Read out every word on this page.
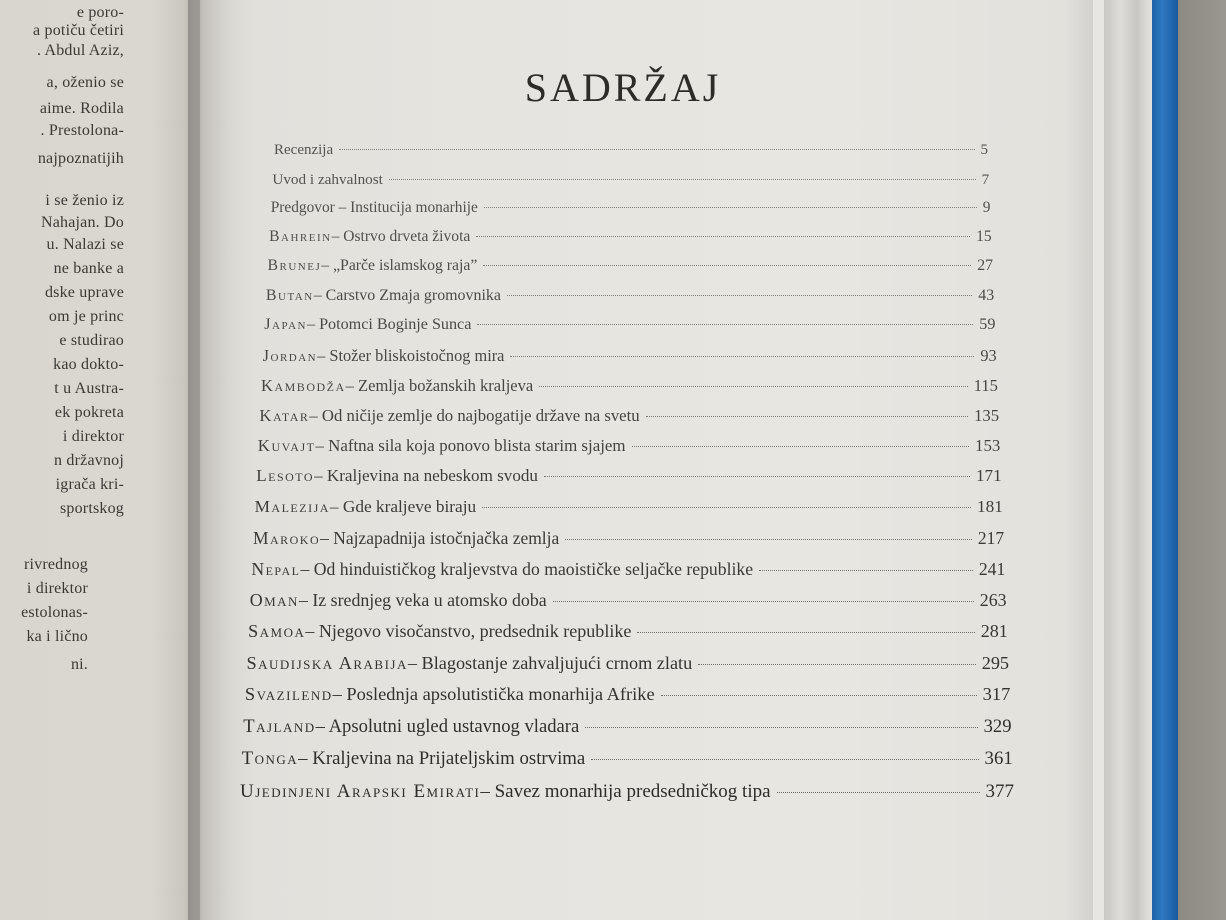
e poro-
a potiču četiri
. Abdul Aziz,
a, oženio se
aime. Rodila
. Prestolona-
najpoznatijih
i se ženio iz
Nahajan. Do
u. Nalazi se
ne banke a
dske uprave
om je princ
e studirao
kao dokto-
t u Austra-
ek pokreta
i direktor
n državnoj
igrača kri-
sportskog
rivrednog
i direktor
estolonas-
ka i lično
ni.
SADRŽAJ
Recenzija	5
Uvod i zahvalnost	7
Predgovor – Institucija monarhije	9
Bahrein – Ostrvo drveta života	15
Brunej – „Parče islamskog raja”	27
Butan – Carstvo Zmaja gromovnika	43
Japan – Potomci Boginje Sunca	59
Jordan – Stožer bliskoistočnog mira	93
Kambodža – Zemlja božanskih kraljeva	115
Katar – Od ničije zemlje do najbogatije države na svetu	135
Kuvajt – Naftna sila koja ponovo blista starim sjajem	153
Lesoto – Kraljevina na nebeskom svodu	171
Malezija – Gde kraljeve biraju	181
Maroko – Najzapadnija istočnjačka zemlja	217
Nepal – Od hinduističkog kraljevstva do maoističke seljačke republike	241
Oman – Iz srednjeg veka u atomsko doba	263
Samoa – Njegovo visočanstvo, predsednik republike	281
Saudijska Arabija – Blagostanje zahvaljujući crnom zlatu	295
Svazilend – Poslednja apsolutistička monarhija Afrike	317
Tajland – Apsolutni ugled ustavnog vladara	329
Tonga – Kraljevina na Prijateljskim ostrvima	361
Ujedinjeni Arapski Emirati – Savez monarhija predsedničkog tipa	377
